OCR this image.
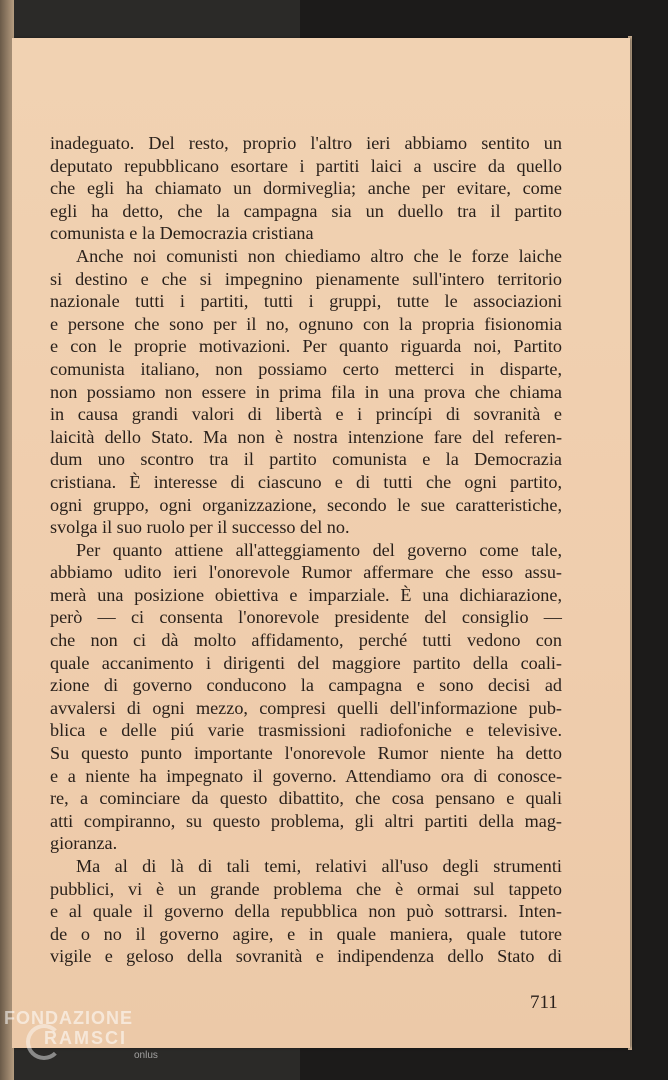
inadeguato. Del resto, proprio l'altro ieri abbiamo sentito un
deputato repubblicano esortare i partiti laici a uscire da quello
che egli ha chiamato un dormiveglia; anche per evitare, come
egli ha detto, che la campagna sia un duello tra il partito
comunista e la Democrazia cristiana
Anche noi comunisti non chiediamo altro che le forze laiche
si destino e che si impegnino pienamente sull'intero territorio
nazionale tutti i partiti, tutti i gruppi, tutte le associazioni
e persone che sono per il no, ognuno con la propria fisionomia
e con le proprie motivazioni. Per quanto riguarda noi, Partito
comunista italiano, non possiamo certo metterci in disparte,
non possiamo non essere in prima fila in una prova che chiama
in causa grandi valori di libertà e i princípi di sovranità e
laicità dello Stato. Ma non è nostra intenzione fare del referen-
dum uno scontro tra il partito comunista e la Democrazia
cristiana. È interesse di ciascuno e di tutti che ogni partito,
ogni gruppo, ogni organizzazione, secondo le sue caratteristiche,
svolga il suo ruolo per il successo del no.
Per quanto attiene all'atteggiamento del governo come tale,
abbiamo udito ieri l'onorevole Rumor affermare che esso assu-
merà una posizione obiettiva e imparziale. È una dichiarazione,
però — ci consenta l'onorevole presidente del consiglio —
che non ci dà molto affidamento, perché tutti vedono con
quale accanimento i dirigenti del maggiore partito della coali-
zione di governo conducono la campagna e sono decisi ad
avvalersi di ogni mezzo, compresi quelli dell'informazione pub-
blica e delle piú varie trasmissioni radiofoniche e televisive.
Su questo punto importante l'onorevole Rumor niente ha detto
e a niente ha impegnato il governo. Attendiamo ora di conosce-
re, a cominciare da questo dibattito, che cosa pensano e quali
atti compiranno, su questo problema, gli altri partiti della mag-
gioranza.
Ma al di là di tali temi, relativi all'uso degli strumenti
pubblici, vi è un grande problema che è ormai sul tappeto
e al quale il governo della repubblica non può sottrarsi. Inten-
de o no il governo agire, e in quale maniera, quale tutore
vigile e geloso della sovranità e indipendenza dello Stato di
711
FONDAZIONE
RAMSCI
onlus
